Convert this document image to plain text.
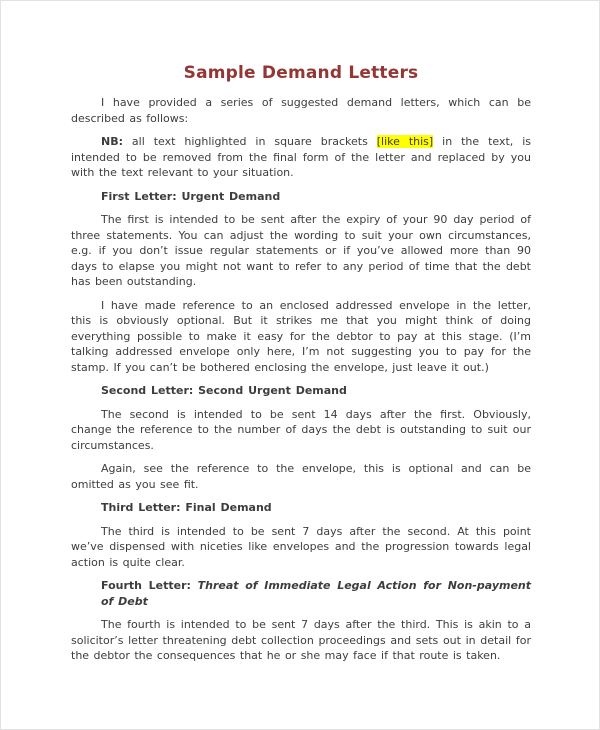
Sample Demand Letters

I have provided a series of suggested demand letters, which can be described as follows:

NB: all text highlighted in square brackets [like this] in the text, is intended to be removed from the final form of the letter and replaced by you with the text relevant to your situation.

First Letter: Urgent Demand

The first is intended to be sent after the expiry of your 90 day period of three statements. You can adjust the wording to suit your own circumstances, e.g. if you don’t issue regular statements or if you’ve allowed more than 90 days to elapse you might not want to refer to any period of time that the debt has been outstanding.

I have made reference to an enclosed addressed envelope in the letter, this is obviously optional. But it strikes me that you might think of doing everything possible to make it easy for the debtor to pay at this stage. (I’m talking addressed envelope only here, I’m not suggesting you to pay for the stamp. If you can’t be bothered enclosing the envelope, just leave it out.)

Second Letter: Second Urgent Demand

The second is intended to be sent 14 days after the first. Obviously, change the reference to the number of days the debt is outstanding to suit our circumstances.

Again, see the reference to the envelope, this is optional and can be omitted as you see fit.

Third Letter: Final Demand

The third is intended to be sent 7 days after the second. At this point we’ve dispensed with niceties like envelopes and the progression towards legal action is quite clear.

Fourth Letter: Threat of Immediate Legal Action for Non-payment of Debt

The fourth is intended to be sent 7 days after the third. This is akin to a solicitor’s letter threatening debt collection proceedings and sets out in detail for the debtor the consequences that he or she may face if that route is taken.
